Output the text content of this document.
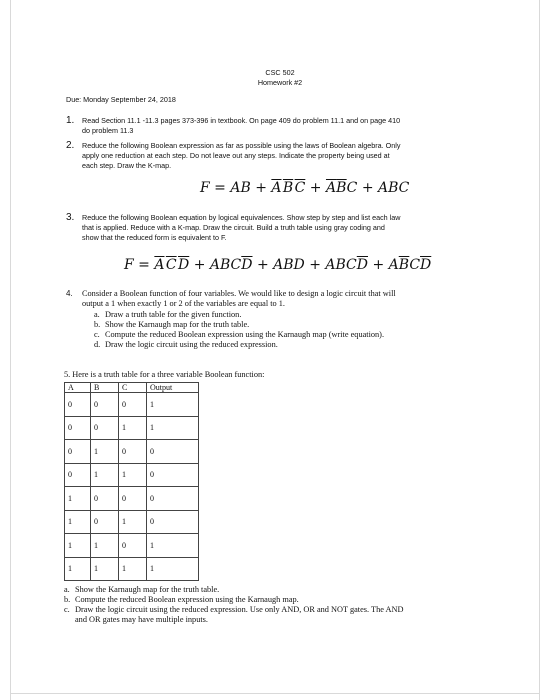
CSC 502
Homework #2
Due: Monday September 24, 2018
1. Read Section 11.1 -11.3 pages 373-396 in textbook. On page 409 do problem 11.1 and on page 410
do problem 11.3
2. Reduce the following Boolean expression as far as possible using the laws of Boolean algebra. Only
apply one reduction at each step. Do not leave out any steps. Indicate the property being used at
each step. Draw the K-map.
F = AB + $\overline{A}$ $\overline{B}$ $\overline{C} + \overline{A}\overline{B}C$ + ABC
3. Reduce the following Boolean equation by logical equivalences. Show step by step and list each law
that is applied. Reduce with a K-map. Draw the circuit. Build a truth table using gray coding and
show that the reduced form is equivalent to F.
$F = \overline{A}$ $\overline{C}$ $\overline{D} + ABC\overline{D}$ + ABD + $ABC\overline{D} + A\overline{B}C\overline{D}$
4. Consider a Boolean function of four variables. We would like to design a logic circuit that will
output a 1 when exactly 1 or 2 of the variables are equal to 1.
a. Draw a truth table for the given function.
b. Show the Karnaugh map for the truth table.
c. Compute the reduced Boolean expression using the Karnaugh map (write equation).
d. Draw the logic circuit using the reduced expression.
5. Here is a truth table for a three variable Boolean function:
A	B	C	Output
0	0	0	1
0	0	1	1
0	1	0	0
0	1	1	0
1	0	0	0
1	0	1	0
1	1	0	1
1	1	1	1
a. Show the Karnaugh map for the truth table.
b. Compute the reduced Boolean expression using the Karnaugh map.
c. Draw the logic circuit using the reduced expression. Use only AND, OR and NOT gates. The AND
and OR gates may have multiple inputs.
